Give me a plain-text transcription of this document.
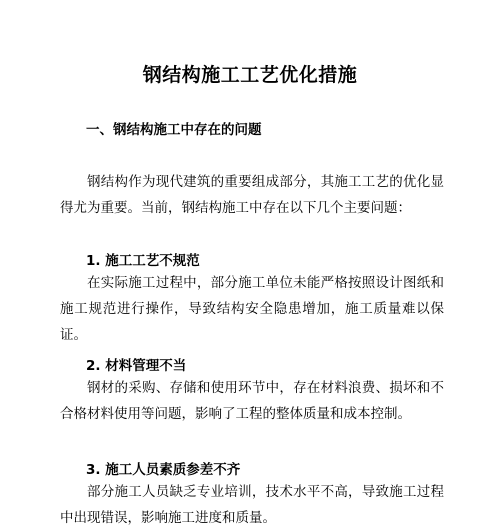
钢结构施工工艺优化措施
一、钢结构施工中存在的问题

钢结构作为现代建筑的重要组成部分，其施工工艺的优化显得尤为重要。当前，钢结构施工中存在以下几个主要问题：

1. 施工工艺不规范

在实际施工过程中，部分施工单位未能严格按照设计图纸和施工规范进行操作，导致结构安全隐患增加，施工质量难以保证。

2. 材料管理不当

钢材的采购、存储和使用环节中，存在材料浪费、损坏和不合格材料使用等问题，影响了工程的整体质量和成本控制。

3. 施工人员素质参差不齐

部分施工人员缺乏专业培训，技术水平不高，导致施工过程中出现错误，影响施工进度和质量。
